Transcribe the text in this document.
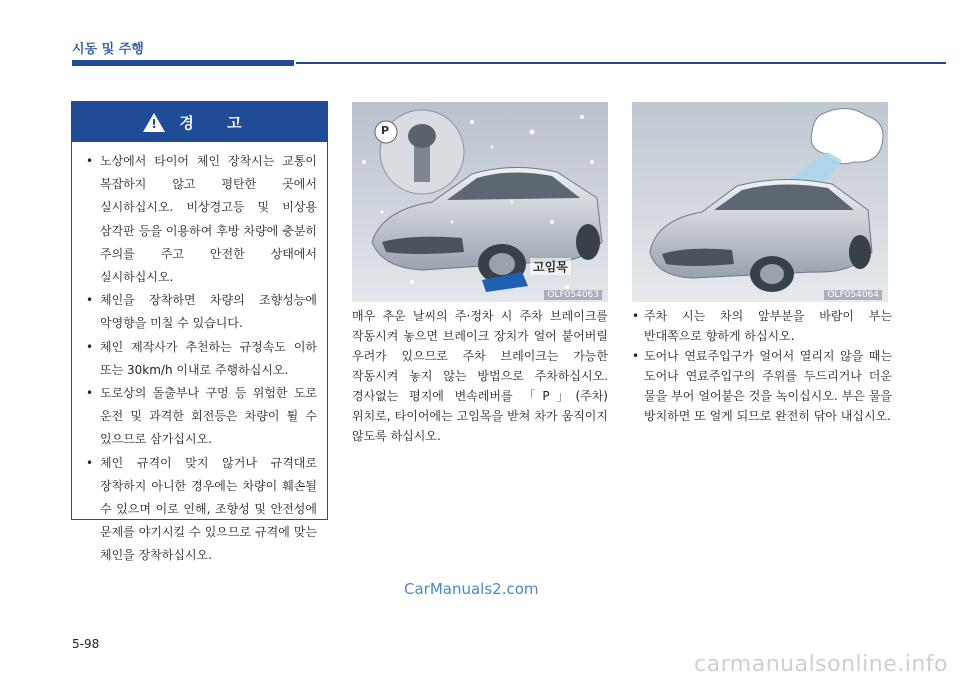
시동 및 주행
! 경 고
• 노상에서 타이어 체인 장착시는 교통이 복잡하지 않고 평탄한 곳에서 실시하십시오. 비상경고등 및 비상용 삼각판 등을 이용하여 후방 차량에 충분히 주의를 주고 안전한 상태에서 실시하십시오.
• 체인을 장착하면 차량의 조향성능에 악영향을 미칠 수 있습니다.
• 체인 제작사가 추천하는 규정속도 이하 또는 30km/h 이내로 주행하십시오.
• 도로상의 돌출부나 구멍 등 위험한 도로 운전 및 과격한 회전등은 차량이 튈 수 있으므로 삼가십시오.
• 체인 규격이 맞지 않거나 규격대로 장착하지 아니한 경우에는 차량이 훼손될 수 있으며 이로 인해, 조향성 및 안전성에 문제를 야기시킬 수 있으므로 규격에 맞는 체인을 장착하십시오.
P
고임목
OLF054063	OLF054064

매우 추운 날씨의 주·정차 시 주차 브레이크를 작동시켜 놓으면 브레이크 장치가 얼어 붙어버릴 우려가 있으므로 주차 브레이크는 가능한 작동시켜 놓지 않는 방법으로 주차하십시오. 경사없는 평지에 변속레버를 「P」(주차) 위치로, 타이어에는 고임목을 받쳐 차가 움직이지 않도록 하십시오.

• 주차 시는 차의 앞부분을 바람이 부는 반대쪽으로 향하게 하십시오.
• 도어나 연료주입구가 얼어서 열리지 않을 때는 도어나 연료주입구의 주위를 두드리거나 더운 물을 부어 얼어붙은 것을 녹이십시오. 부은 물을 방치하면 또 얼게 되므로 완전히 닦아 내십시오.
CarManuals2.com
5-98
carmanualsonline.info
